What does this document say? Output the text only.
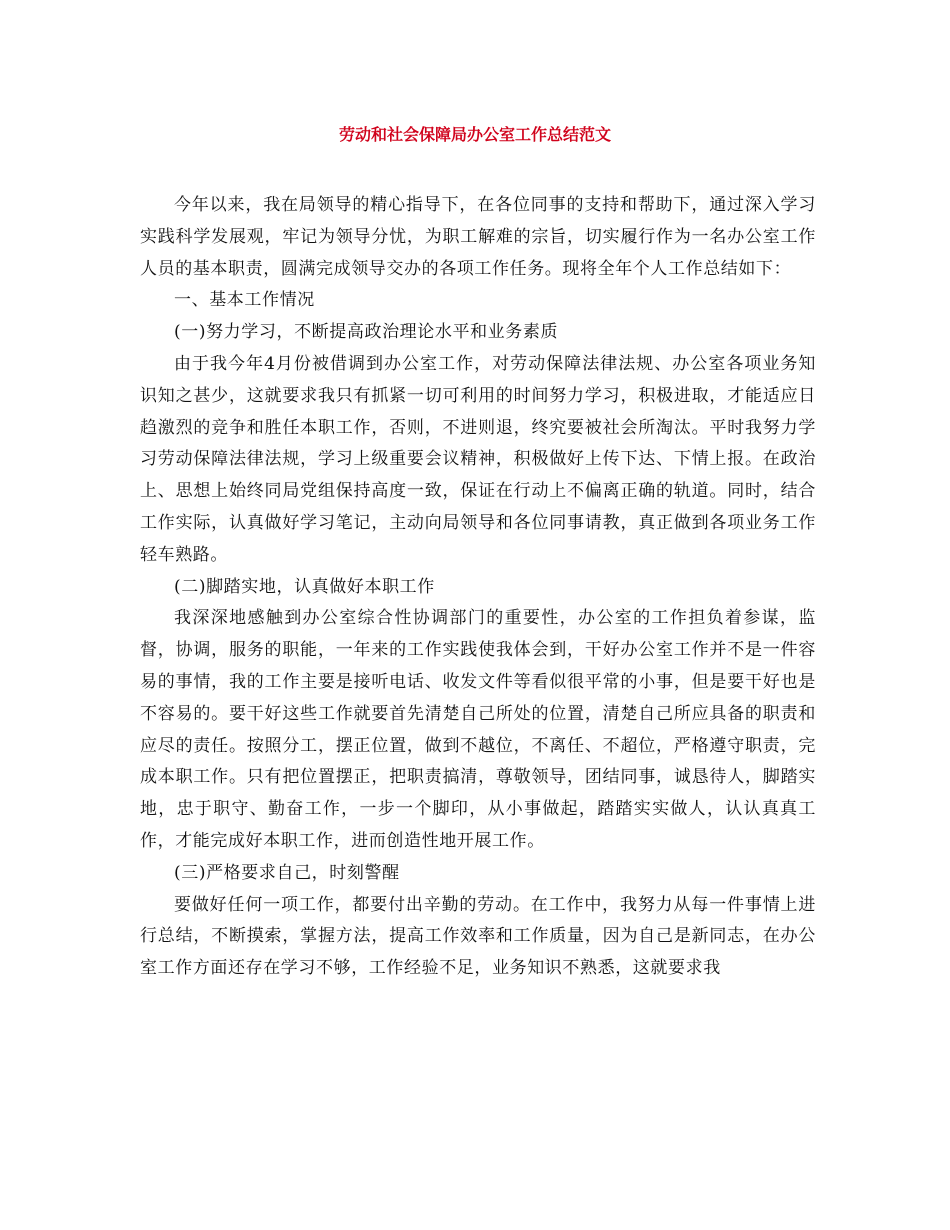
劳动和社会保障局办公室工作总结范文

今年以来，我在局领导的精心指导下，在各位同事的支持和帮助下，通过深入学习实践科学发展观，牢记为领导分忧，为职工解难的宗旨，切实履行作为一名办公室工作人员的基本职责，圆满完成领导交办的各项工作任务。现将全年个人工作总结如下：

一、基本工作情况

(一)努力学习，不断提高政治理论水平和业务素质

由于我今年4月份被借调到办公室工作，对劳动保障法律法规、办公室各项业务知识知之甚少，这就要求我只有抓紧一切可利用的时间努力学习，积极进取，才能适应日趋激烈的竞争和胜任本职工作，否则，不进则退，终究要被社会所淘汰。平时我努力学习劳动保障法律法规，学习上级重要会议精神，积极做好上传下达、下情上报。在政治上、思想上始终同局党组保持高度一致，保证在行动上不偏离正确的轨道。同时，结合工作实际，认真做好学习笔记，主动向局领导和各位同事请教，真正做到各项业务工作轻车熟路。

(二)脚踏实地，认真做好本职工作

我深深地感触到办公室综合性协调部门的重要性，办公室的工作担负着参谋，监督，协调，服务的职能，一年来的工作实践使我体会到，干好办公室工作并不是一件容易的事情，我的工作主要是接听电话、收发文件等看似很平常的小事，但是要干好也是不容易的。要干好这些工作就要首先清楚自己所处的位置，清楚自己所应具备的职责和应尽的责任。按照分工，摆正位置，做到不越位，不离任、不超位，严格遵守职责，完成本职工作。只有把位置摆正，把职责搞清，尊敬领导，团结同事，诚恳待人，脚踏实地，忠于职守、勤奋工作，一步一个脚印，从小事做起，踏踏实实做人，认认真真工作，才能完成好本职工作，进而创造性地开展工作。

(三)严格要求自己，时刻警醒

要做好任何一项工作，都要付出辛勤的劳动。在工作中，我努力从每一件事情上进行总结，不断摸索，掌握方法，提高工作效率和工作质量，因为自己是新同志，在办公室工作方面还存在学习不够，工作经验不足，业务知识不熟悉，这就要求我
